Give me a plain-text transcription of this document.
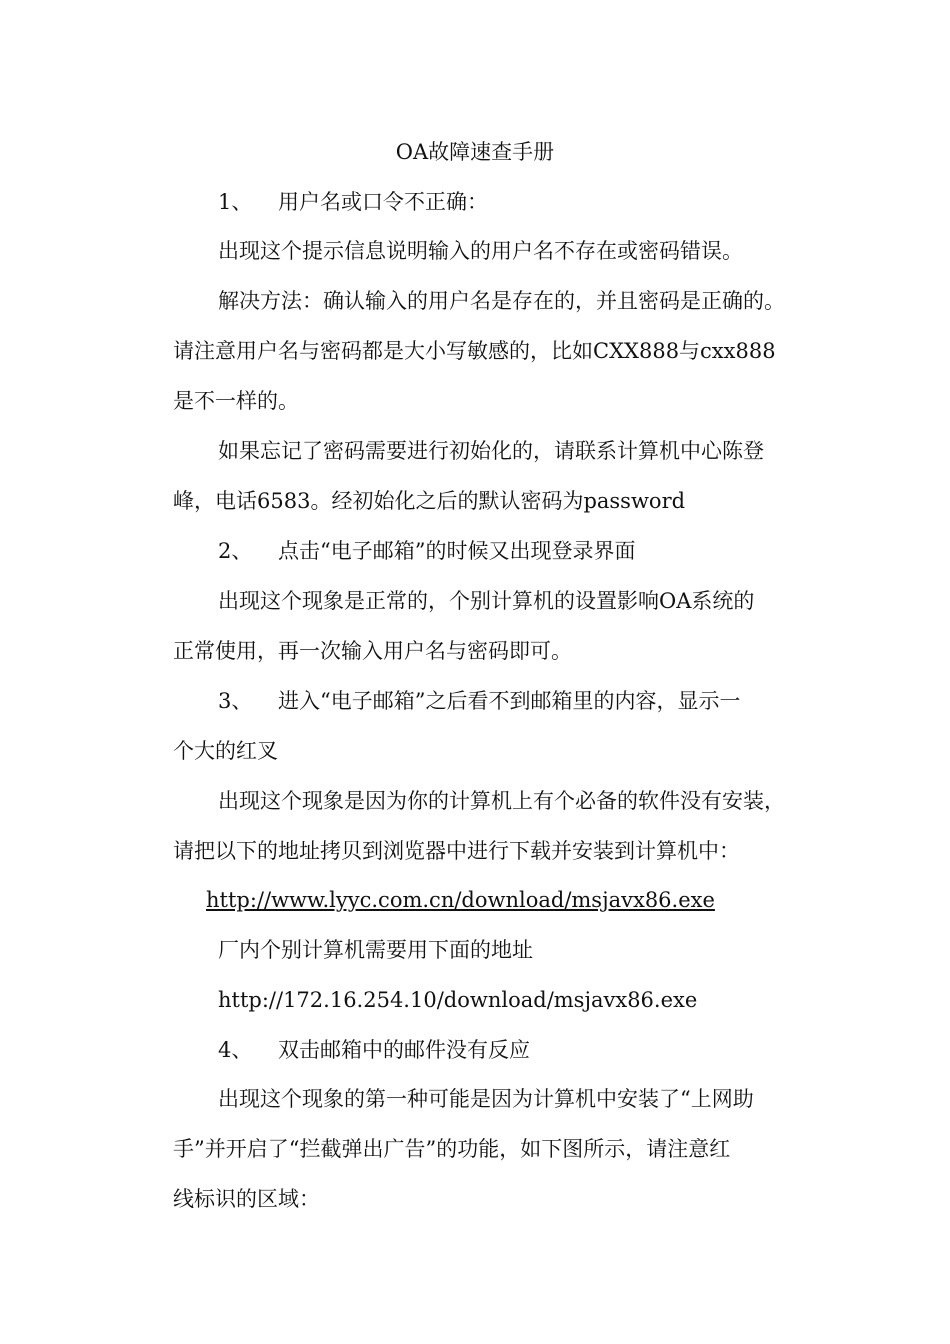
OA故障速查手册
1、 用户名或口令不正确：
出现这个提示信息说明输入的用户名不存在或密码错误。
解决方法：确认输入的用户名是存在的，并且密码是正确的。
请注意用户名与密码都是大小写敏感的，比如CXX888与cxx888
是不一样的。
如果忘记了密码需要进行初始化的，请联系计算机中心陈登
峰，电话6583。经初始化之后的默认密码为password
2、 点击“电子邮箱”的时候又出现登录界面
出现这个现象是正常的，个别计算机的设置影响OA系统的
正常使用，再一次输入用户名与密码即可。
3、 进入“电子邮箱”之后看不到邮箱里的内容，显示一
个大的红叉
出现这个现象是因为你的计算机上有个必备的软件没有安装，
请把以下的地址拷贝到浏览器中进行下载并安装到计算机中：
http://www.lyyc.com.cn/download/msjavx86.exe
厂内个别计算机需要用下面的地址
http://172.16.254.10/download/msjavx86.exe
4、 双击邮箱中的邮件没有反应
出现这个现象的第一种可能是因为计算机中安装了“上网助
手”并开启了“拦截弹出广告”的功能，如下图所示，请注意红
线标识的区域：
